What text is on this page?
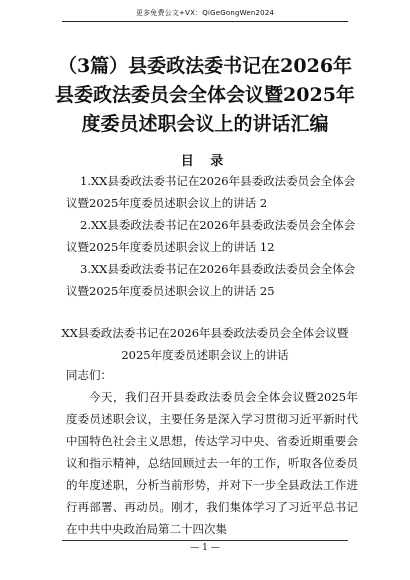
更多免费公文+VX：QiGeGongWen2024
（3篇）县委政法委书记在2026年县委政法委员会全体会议暨2025年度委员述职会议上的讲话汇编
目 录
1.XX县委政法委书记在2026年县委政法委员会全体会议暨2025年度委员述职会议上的讲话 2
2.XX县委政法委书记在2026年县委政法委员会全体会议暨2025年度委员述职会议上的讲话 12
3.XX县委政法委书记在2026年县委政法委员会全体会议暨2025年度委员述职会议上的讲话 25
XX县委政法委书记在2026年县委政法委员会全体会议暨
2025年度委员述职会议上的讲话
同志们：
今天，我们召开县委政法委员会全体会议暨2025年度委员述职会议，主要任务是深入学习贯彻习近平新时代中国特色社会主义思想，传达学习中央、省委近期重要会议和指示精神，总结回顾过去一年的工作，听取各位委员的年度述职，分析当前形势，并对下一步全县政法工作进行再部署、再动员。刚才，我们集体学习了习近平总书记在中共中央政治局第二十四次集
— 1 —
